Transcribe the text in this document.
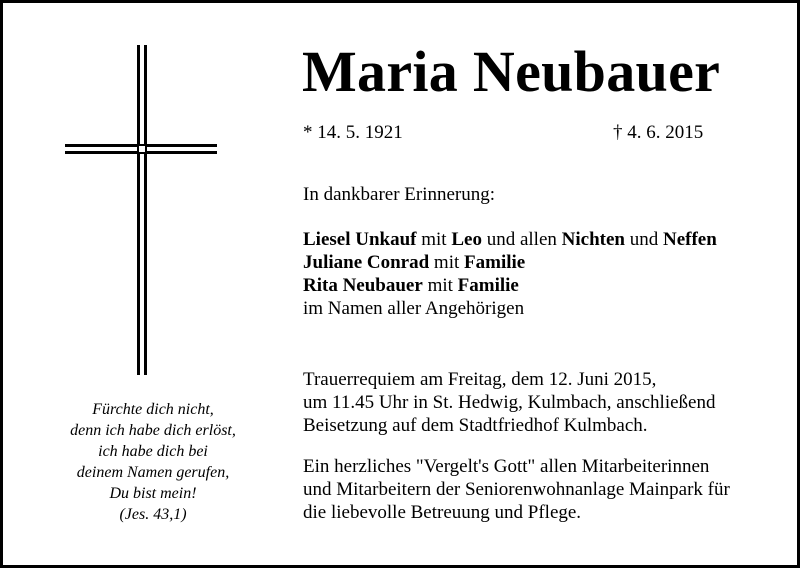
Fürchte dich nicht,
denn ich habe dich erlöst,
ich habe dich bei
deinem Namen gerufen,
Du bist mein!
(Jes. 43,1)
Maria Neubauer
* 14. 5. 1921	† 4. 6. 2015
In dankbarer Erinnerung:
Liesel Unkauf mit Leo und allen Nichten und Neffen
Juliane Conrad mit Familie
Rita Neubauer mit Familie
im Namen aller Angehörigen
Trauerrequiem am Freitag, dem 12. Juni 2015,
um 11.45 Uhr in St. Hedwig, Kulmbach, anschließend
Beisetzung auf dem Stadtfriedhof Kulmbach.
Ein herzliches "Vergelt's Gott" allen Mitarbeiterinnen
und Mitarbeitern der Seniorenwohnanlage Mainpark für
die liebevolle Betreuung und Pflege.
